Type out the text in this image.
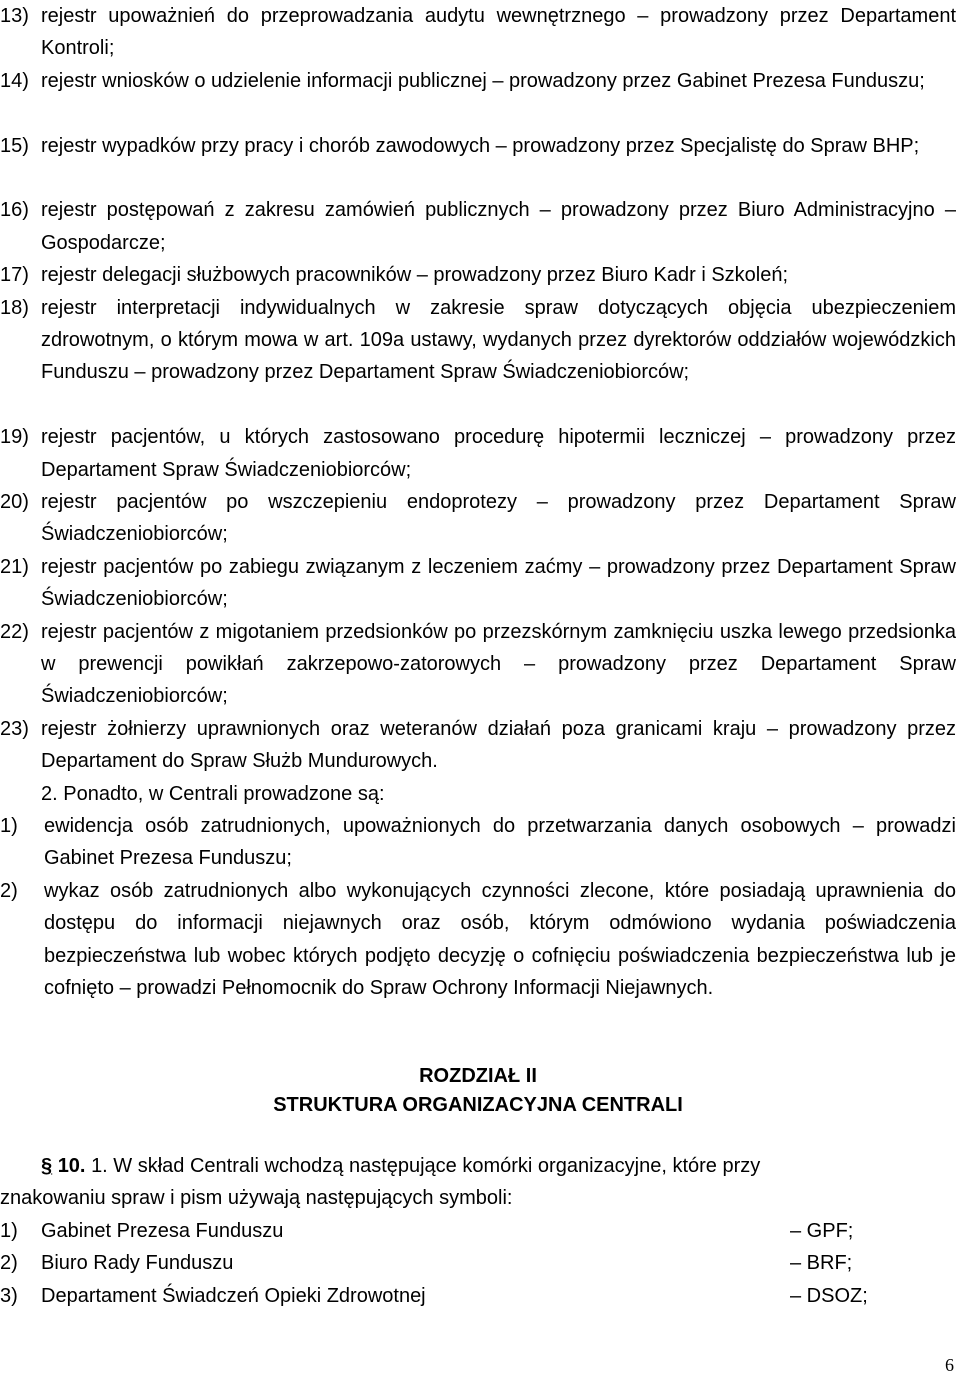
13) rejestr upoważnień do przeprowadzania audytu wewnętrznego – prowadzony przez Departament Kontroli;
14) rejestr wniosków o udzielenie informacji publicznej – prowadzony przez Gabinet Prezesa Funduszu;
15) rejestr wypadków przy pracy i chorób zawodowych – prowadzony przez Specjalistę do Spraw BHP;
16) rejestr postępowań z zakresu zamówień publicznych – prowadzony przez Biuro Administracyjno – Gospodarcze;
17) rejestr delegacji służbowych pracowników – prowadzony przez Biuro Kadr i Szkoleń;
18) rejestr interpretacji indywidualnych w zakresie spraw dotyczących objęcia ubezpieczeniem zdrowotnym, o którym mowa w art. 109a ustawy, wydanych przez dyrektorów oddziałów wojewódzkich Funduszu – prowadzony przez Departament Spraw Świadczeniobiorców;
19) rejestr pacjentów, u których zastosowano procedurę hipotermii leczniczej – prowadzony przez Departament Spraw Świadczeniobiorców;
20) rejestr pacjentów po wszczepieniu endoprotezy – prowadzony przez Departament Spraw Świadczeniobiorców;
21) rejestr pacjentów po zabiegu związanym z leczeniem zaćmy – prowadzony przez Departament Spraw Świadczeniobiorców;
22) rejestr pacjentów z migotaniem przedsionków po przezskórnym zamknięciu uszka lewego przedsionka w prewencji powikłań zakrzepowo-zatorowych – prowadzony przez Departament Spraw Świadczeniobiorców;
23) rejestr żołnierzy uprawnionych oraz weteranów działań poza granicami kraju – prowadzony przez Departament do Spraw Służb Mundurowych.
2. Ponadto, w Centrali prowadzone są:
1) ewidencja osób zatrudnionych, upoważnionych do przetwarzania danych osobowych – prowadzi Gabinet Prezesa Funduszu;
2) wykaz osób zatrudnionych albo wykonujących czynności zlecone, które posiadają uprawnienia do dostępu do informacji niejawnych oraz osób, którym odmówiono wydania poświadczenia bezpieczeństwa lub wobec których podjęto decyzję o cofnięciu poświadczenia bezpieczeństwa lub je cofnięto – prowadzi Pełnomocnik do Spraw Ochrony Informacji Niejawnych.
ROZDZIAŁ II
STRUKTURA ORGANIZACYJNA CENTRALI
§ 10. 1. W skład Centrali wchodzą następujące komórki organizacyjne, które przy
znakowaniu spraw i pism używają następujących symboli:
1) Gabinet Prezesa Funduszu	– GPF;
2) Biuro Rady Funduszu	– BRF;
3) Departament Świadczeń Opieki Zdrowotnej	– DSOZ;
6
